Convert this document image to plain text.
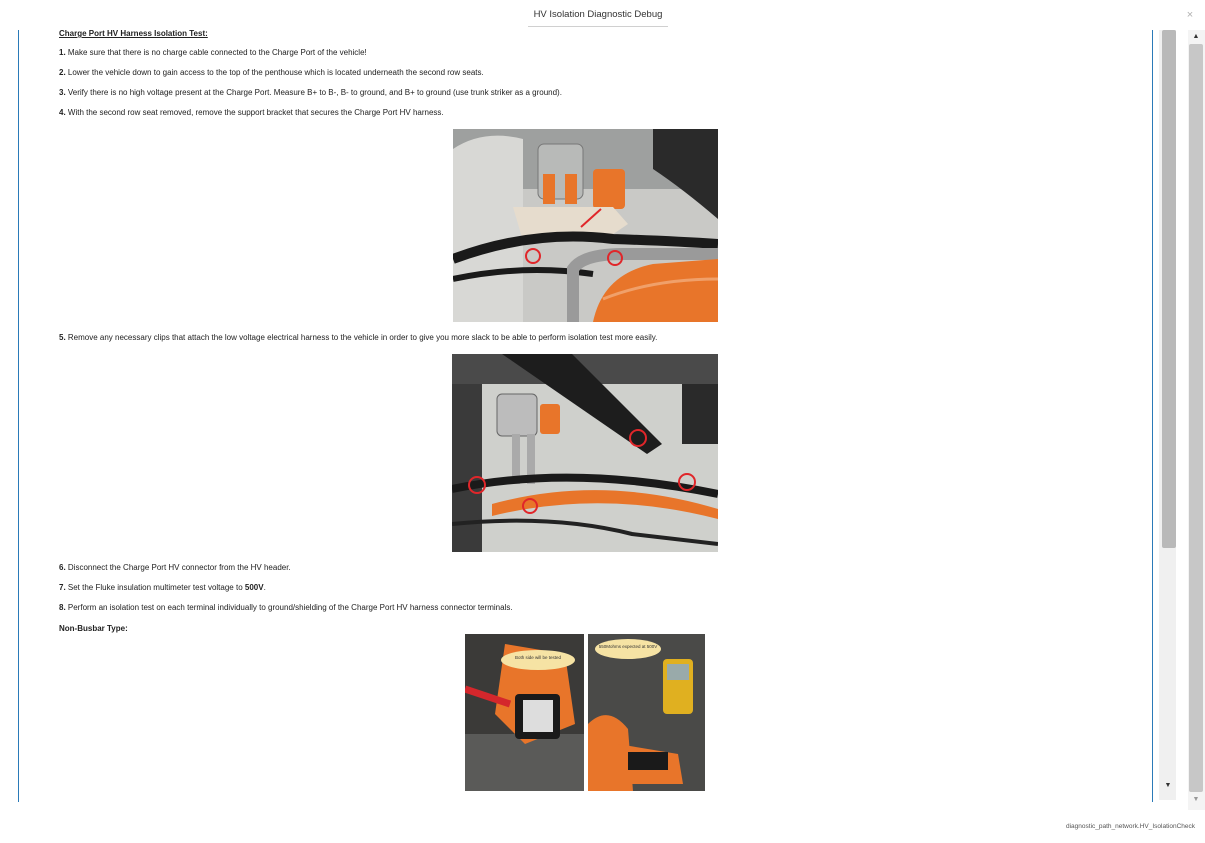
HV Isolation Diagnostic Debug	×

Charge Port HV Harness Isolation Test:

1. Make sure that there is no charge cable connected to the Charge Port of the vehicle!

2. Lower the vehicle down to gain access to the top of the penthouse which is located underneath the second row seats.

3. Verify there is no high voltage present at the Charge Port. Measure B+ to B-, B- to ground, and B+ to ground (use trunk striker as a ground).

4. With the second row seat removed, remove the support bracket that secures the Charge Port HV harness.

5. Remove any necessary clips that attach the low voltage electrical harness to the vehicle in order to give you more slack to be able to perform isolation test more easily.

6. Disconnect the Charge Port HV connector from the HV header.

7. Set the Fluke insulation multimeter test voltage to 500V.

8. Perform an isolation test on each terminal individually to ground/shielding of the Charge Port HV harness connector terminals.

Non-Busbar Type:

Both side will be tested
550Mohms expected at 500V
▼
▲
▼
diagnostic_path_network.HV_IsolationCheck
